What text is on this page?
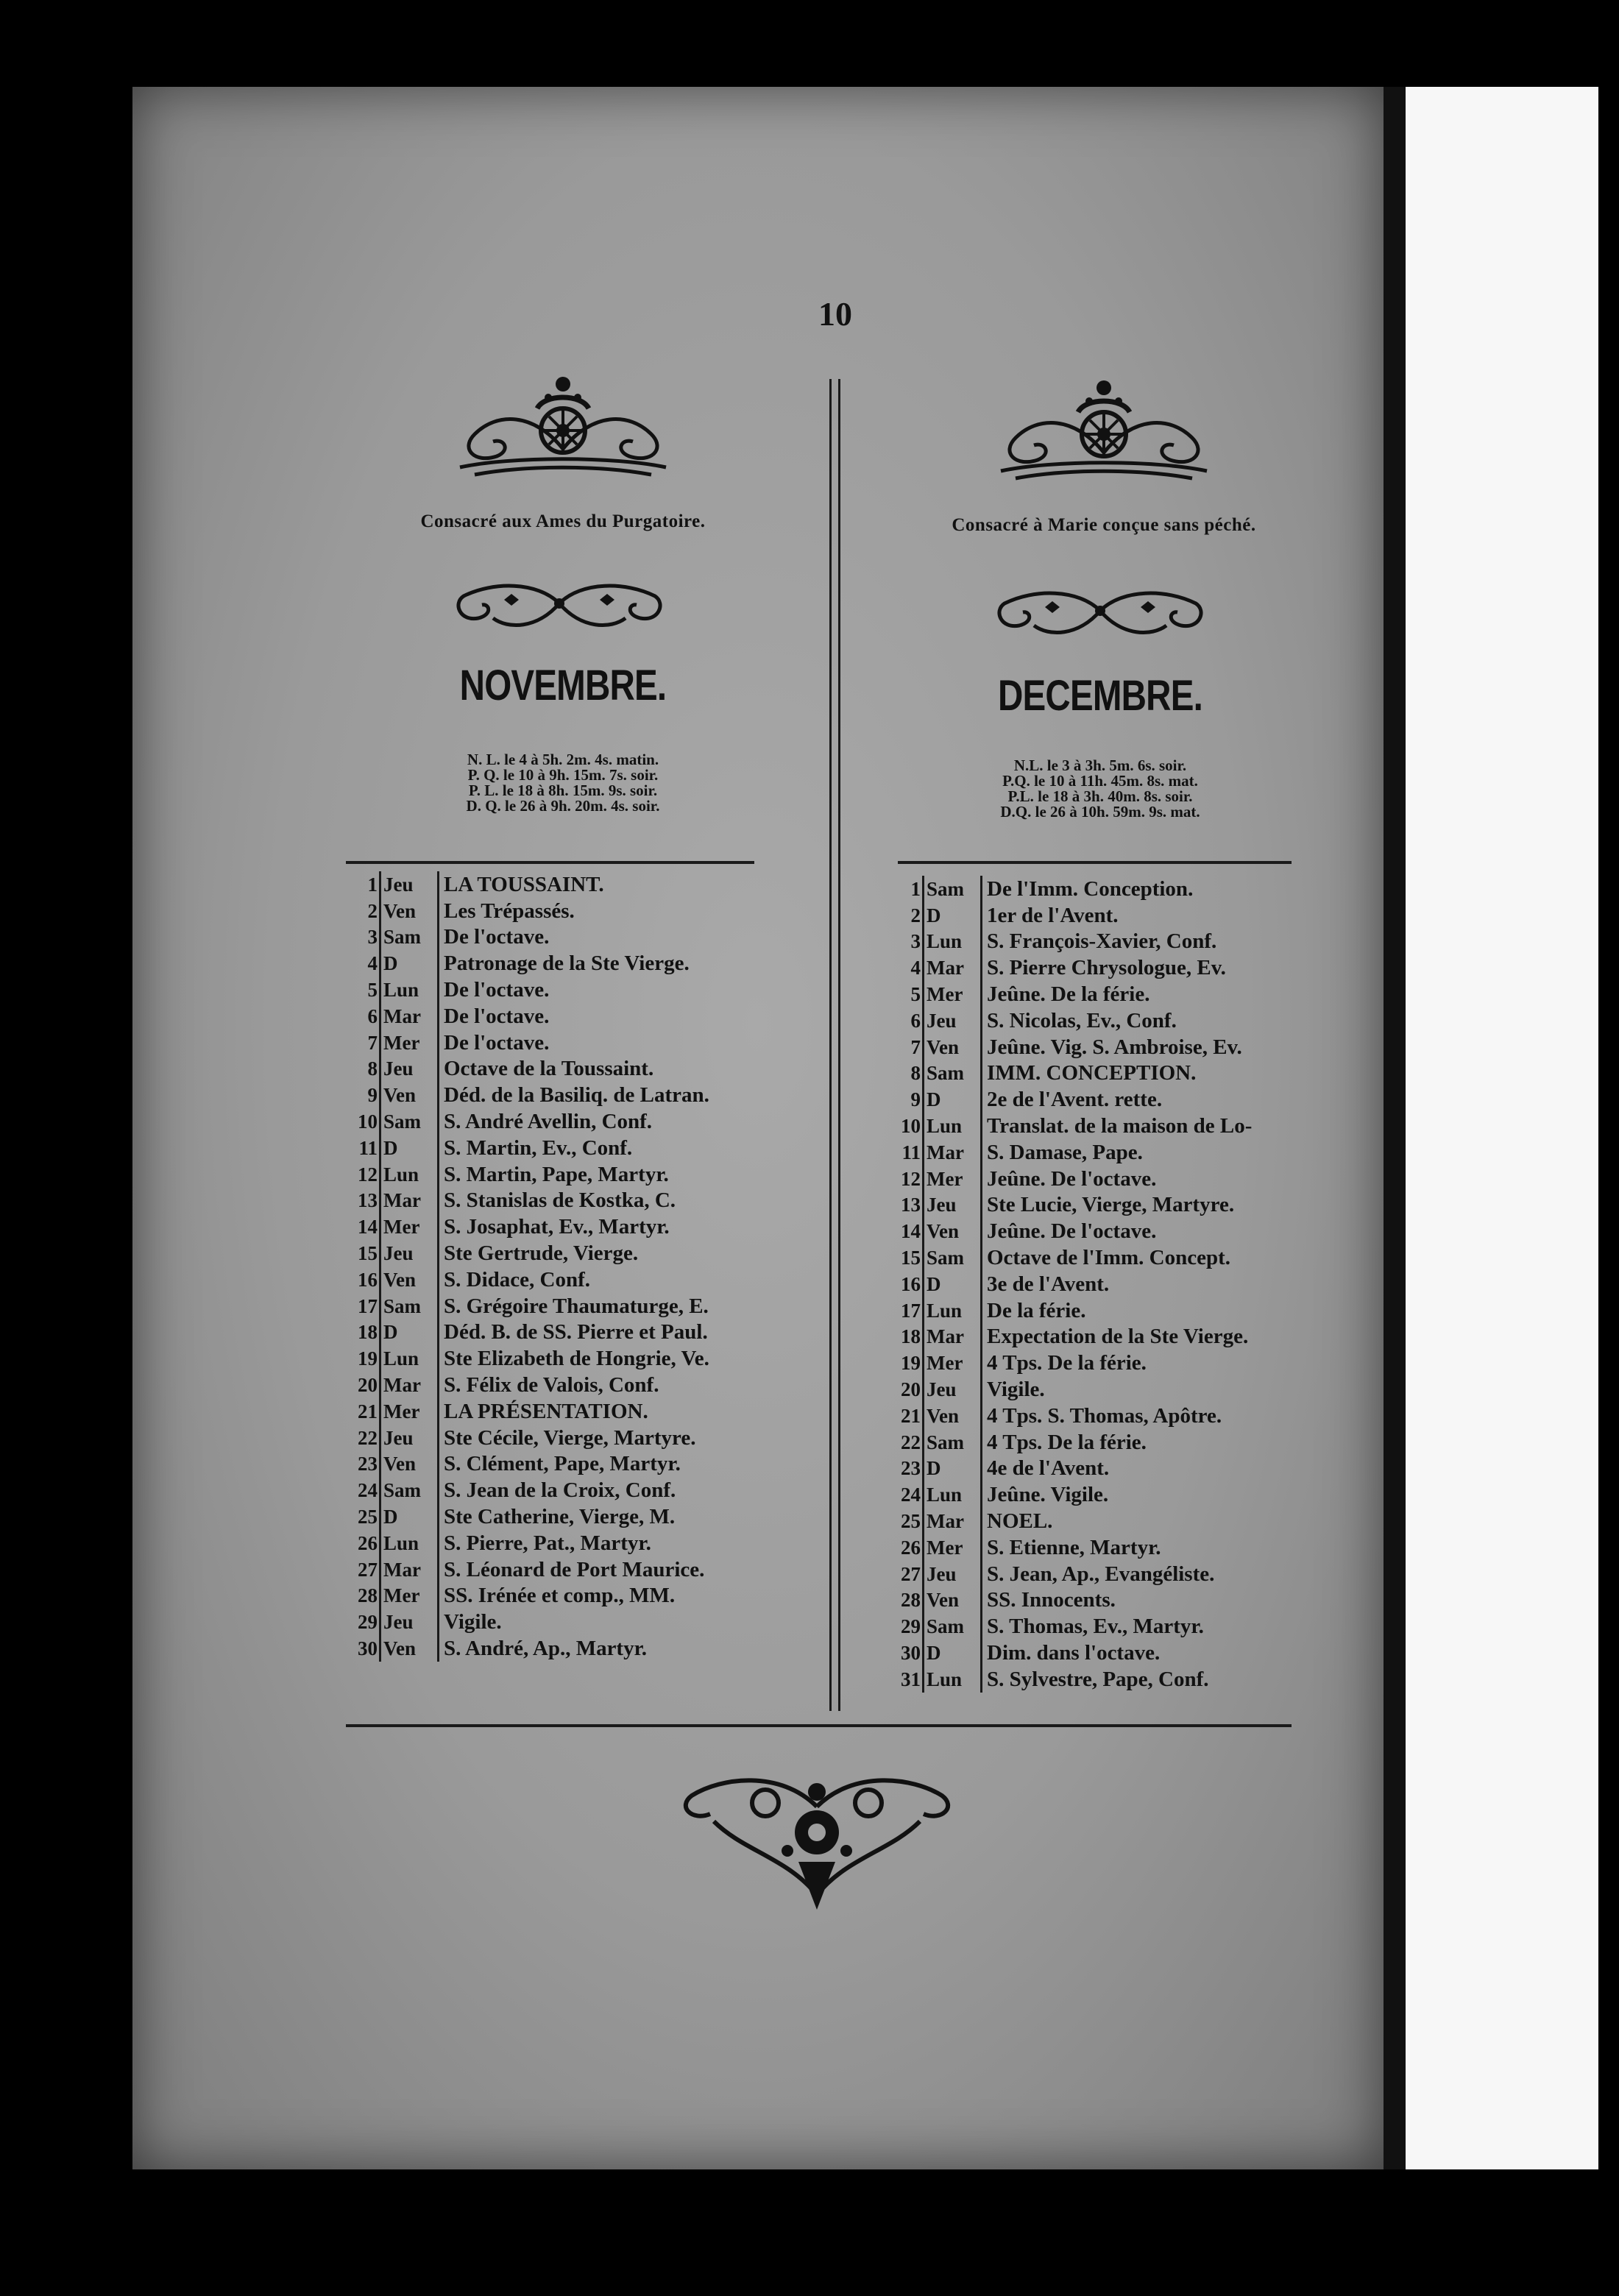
10
Consacré aux Ames du Purgatoire.
NOVEMBRE.
N. L. le 4 à 5h. 2m. 4s. matin.
P. Q. le 10 à 9h. 15m. 7s. soir.
P. L. le 18 à 8h. 15m. 9s. soir.
D. Q. le 26 à 9h. 20m. 4s. soir.
1	Jeu	LA TOUSSAINT.
2	Ven	Les Trépassés.
3	Sam	De l'octave.
4	D	Patronage de la Ste Vierge.
5	Lun	De l'octave.
6	Mar	De l'octave.
7	Mer	De l'octave.
8	Jeu	Octave de la Toussaint.
9	Ven	Déd. de la Basiliq. de Latran.
10	Sam	S. André Avellin, Conf.
11	D	S. Martin, Ev., Conf.
12	Lun	S. Martin, Pape, Martyr.
13	Mar	S. Stanislas de Kostka, C.
14	Mer	S. Josaphat, Ev., Martyr.
15	Jeu	Ste Gertrude, Vierge.
16	Ven	S. Didace, Conf.
17	Sam	S. Grégoire Thaumaturge, E.
18	D	Déd. B. de SS. Pierre et Paul.
19	Lun	Ste Elizabeth de Hongrie, Ve.
20	Mar	S. Félix de Valois, Conf.
21	Mer	LA PRÉSENTATION.
22	Jeu	Ste Cécile, Vierge, Martyre.
23	Ven	S. Clément, Pape, Martyr.
24	Sam	S. Jean de la Croix, Conf.
25	D	Ste Catherine, Vierge, M.
26	Lun	S. Pierre, Pat., Martyr.
27	Mar	S. Léonard de Port Maurice.
28	Mer	SS. Irénée et comp., MM.
29	Jeu	Vigile.
30	Ven	S. André, Ap., Martyr.
Consacré à Marie conçue sans péché.
DECEMBRE.
N.L. le 3 à 3h. 5m. 6s. soir.
P.Q. le 10 à 11h. 45m. 8s. mat.
P.L. le 18 à 3h. 40m. 8s. soir.
D.Q. le 26 à 10h. 59m. 9s. mat.
1	Sam	De l'Imm. Conception.
2	D	1er de l'Avent.
3	Lun	S. François-Xavier, Conf.
4	Mar	S. Pierre Chrysologue, Ev.
5	Mer	Jeûne. De la férie.
6	Jeu	S. Nicolas, Ev., Conf.
7	Ven	Jeûne. Vig. S. Ambroise, Ev.
8	Sam	IMM. CONCEPTION.
9	D	2e de l'Avent. rette.
10	Lun	Translat. de la maison de Lo-
11	Mar	S. Damase, Pape.
12	Mer	Jeûne. De l'octave.
13	Jeu	Ste Lucie, Vierge, Martyre.
14	Ven	Jeûne. De l'octave.
15	Sam	Octave de l'Imm. Concept.
16	D	3e de l'Avent.
17	Lun	De la férie.
18	Mar	Expectation de la Ste Vierge.
19	Mer	4 Tps. De la férie.
20	Jeu	Vigile.
21	Ven	4 Tps. S. Thomas, Apôtre.
22	Sam	4 Tps. De la férie.
23	D	4e de l'Avent.
24	Lun	Jeûne. Vigile.
25	Mar	NOEL.
26	Mer	S. Etienne, Martyr.
27	Jeu	S. Jean, Ap., Evangéliste.
28	Ven	SS. Innocents.
29	Sam	S. Thomas, Ev., Martyr.
30	D	Dim. dans l'octave.
31	Lun	S. Sylvestre, Pape, Conf.
